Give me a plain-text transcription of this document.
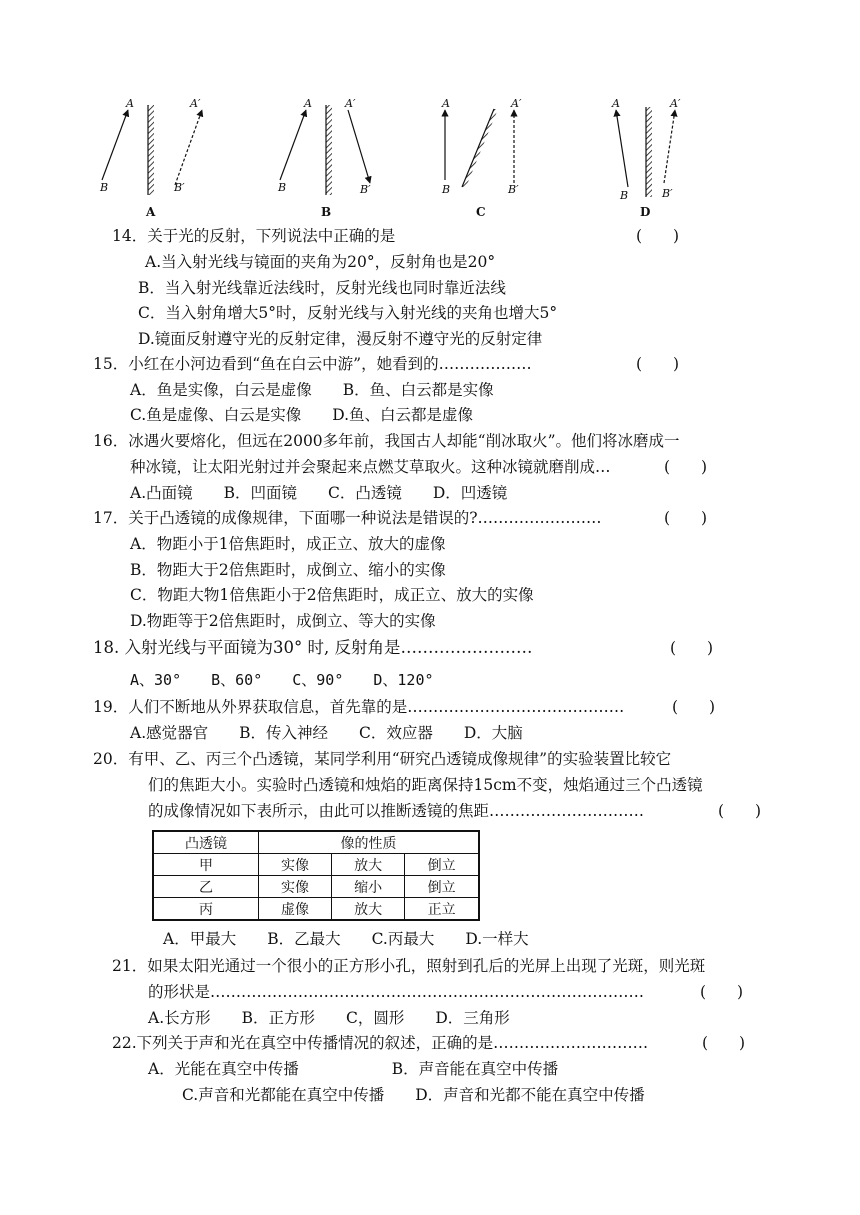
A
B
A′
B′
A
A
B
A′
B′
B
A
B
A′
B′
C
A
B
A′
B′
D
14．关于光的反射，下列说法中正确的是	(　　)
A.当入射光线与镜面的夹角为20°，反射角也是20°
B．当入射光线靠近法线时，反射光线也同时靠近法线
C．当入射角增大5°时，反射光线与入射光线的夹角也增大5°
D.镜面反射遵守光的反射定律，漫反射不遵守光的反射定律
15．小红在小河边看到“鱼在白云中游”，她看到的………………	(　　)
A．鱼是实像，白云是虚像　　B．鱼、白云都是实像
C.鱼是虚像、白云是实像　　D.鱼、白云都是虚像
16．冰遇火要熔化，但远在2000多年前，我国古人却能“削冰取火”。他们将冰磨成一
种冰镜，让太阳光射过并会聚起来点燃艾草取火。这种冰镜就磨削成…	(　　)
A.凸面镜　　B．凹面镜　　C．凸透镜　　D．凹透镜
17．关于凸透镜的成像规律，下面哪一种说法是错误的?……………………	(　　)
A．物距小于1倍焦距时，成正立、放大的虚像
B．物距大于2倍焦距时，成倒立、缩小的实像
C．物距大物1倍焦距小于2倍焦距时，成正立、放大的实像
D.物距等于2倍焦距时，成倒立、等大的实像
18. 入射光线与平面镜为30° 时, 反射角是……………………	(　　)
A、30°　　B、60°　　C、90°　　D、120°
19．人们不断地从外界获取信息，首先靠的是……………………………………	(　　)
A.感觉器官　　B．传入神经　　C．效应器　　D．大脑
20．有甲、乙、丙三个凸透镜，某同学利用“研究凸透镜成像规律”的实验装置比较它
们的焦距大小。实验时凸透镜和烛焰的距离保持15cm不变，烛焰通过三个凸透镜
的成像情况如下表所示，由此可以推断透镜的焦距…………………………	(　　)
凸透镜	像的性质		
甲	实像	放大	倒立
乙	实像	缩小	倒立
丙	虚像	放大	正立
A．甲最大　　B．乙最大　　C.丙最大　　D.一样大
21．如果太阳光通过一个很小的正方形小孔，照射到孔后的光屏上出现了光斑，则光斑
的形状是…………………………………………………………………………	(　　)
A.长方形　　B．正方形　　C，圆形　　D．三角形
22.下列关于声和光在真空中传播情况的叙述，正确的是…………………………	(　　)
A．光能在真空中传播　　　　　　B．声音能在真空中传播
C.声音和光都能在真空中传播　　D．声音和光都不能在真空中传播
